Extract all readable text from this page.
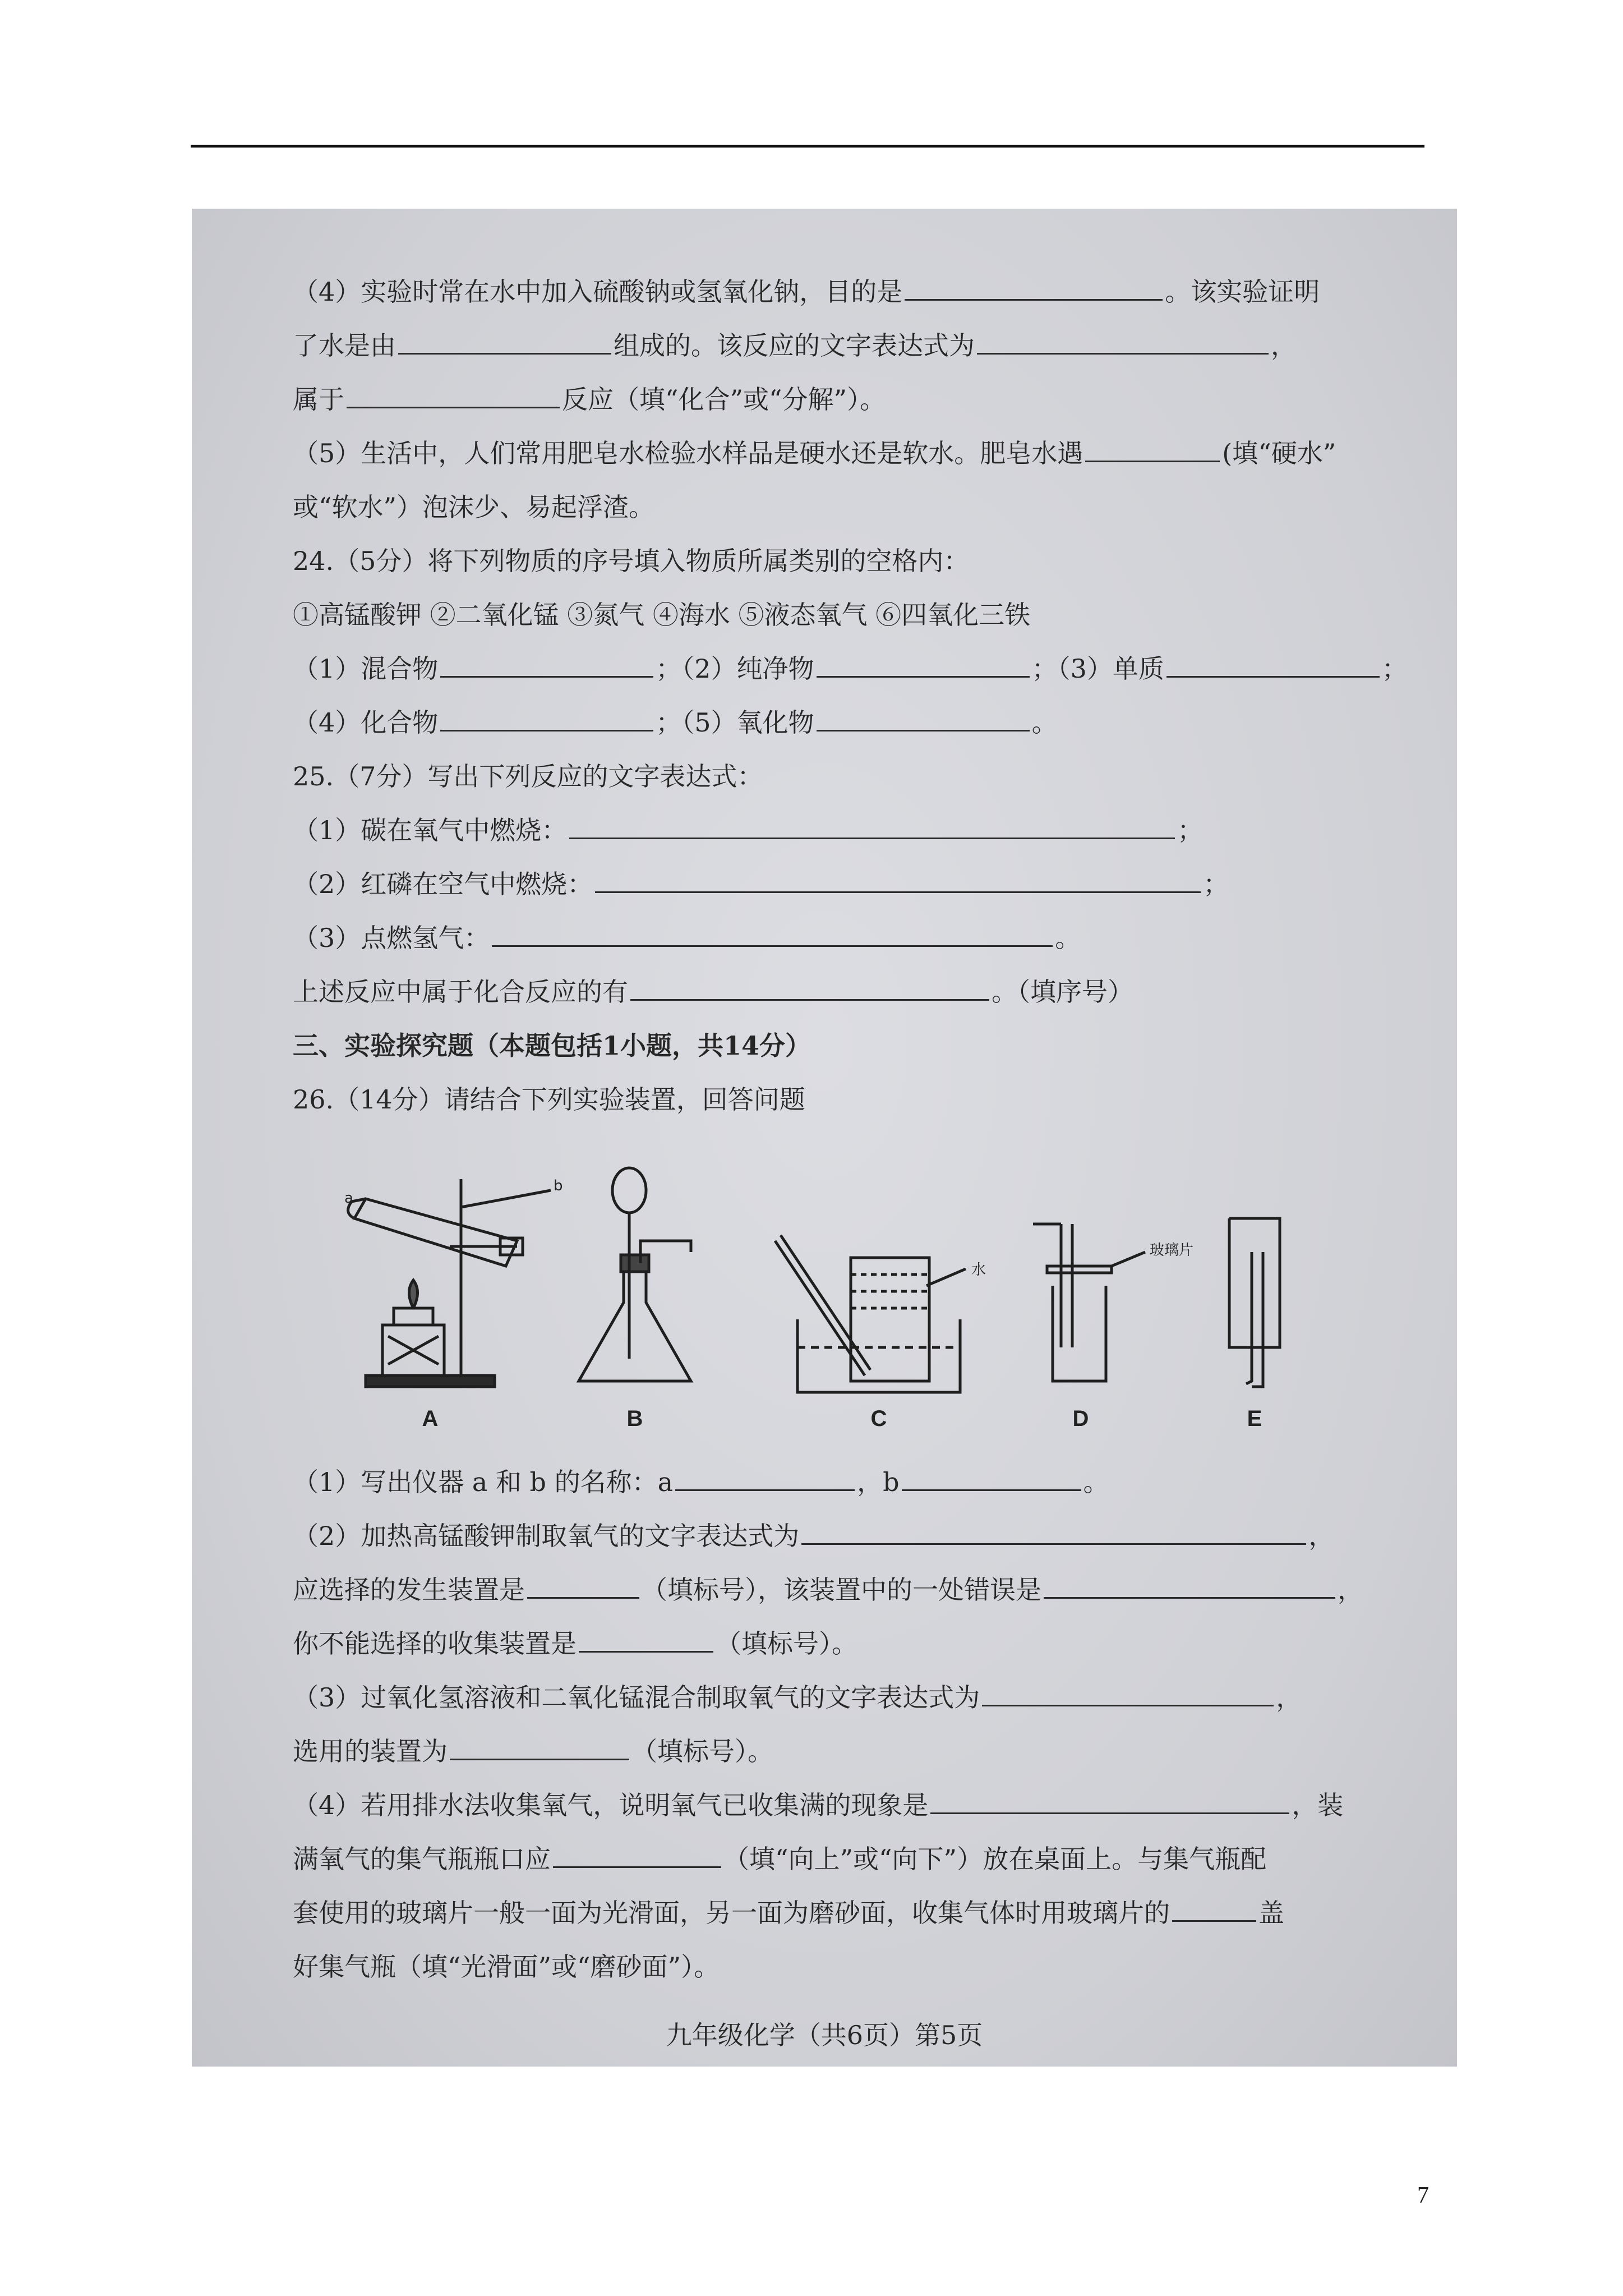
（4）实验时常在水中加入硫酸钠或氢氧化钠，目的是	。该实验证明
了水是由	组成的。该反应的文字表达式为	，
属于	反应（填“化合”或“分解”）。
（5）生活中，人们常用肥皂水检验水样品是硬水还是软水。肥皂水遇	(填“硬水”
或“软水”）泡沫少、易起浮渣。
24.（5分）将下列物质的序号填入物质所属类别的空格内：
①高锰酸钾 ②二氧化锰 ③氮气 ④海水 ⑤液态氧气 ⑥四氧化三铁
（1）混合物	；（2）纯净物	；（3）单质	；
（4）化合物	；（5）氧化物	。
25.（7分）写出下列反应的文字表达式：
（1）碳在氧气中燃烧：	；
（2）红磷在空气中燃烧：	；
（3）点燃氢气：	。
上述反应中属于化合反应的有	。（填序号）
三、实验探究题（本题包括1小题，共14分）
26.（14分）请结合下列实验装置，回答问题
a
b
水
玻璃片
A	B	C	D	E
（1）写出仪器 a 和 b 的名称：a	，b	。
（2）加热高锰酸钾制取氧气的文字表达式为	，
应选择的发生装置是	（填标号），该装置中的一处错误是	，
你不能选择的收集装置是	（填标号）。
（3）过氧化氢溶液和二氧化锰混合制取氧气的文字表达式为	，
选用的装置为	（填标号）。
（4）若用排水法收集氧气，说明氧气已收集满的现象是	，装
满氧气的集气瓶瓶口应	（填“向上”或“向下”）放在桌面上。与集气瓶配
套使用的玻璃片一般一面为光滑面，另一面为磨砂面，收集气体时用玻璃片的	盖
好集气瓶（填“光滑面”或“磨砂面”）。
九年级化学（共6页）第5页
7
